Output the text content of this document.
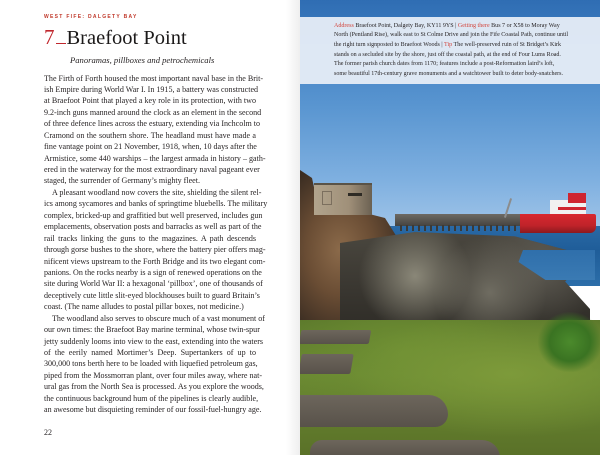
WEST FIFE: DALGETY BAY
7 Braefoot Point
Panoramas, pillboxes and petrochemicals
The Firth of Forth housed the most important naval base in the Brit-
ish Empire during World War I. In 1915, a battery was constructed
at Braefoot Point that played a key role in its protection, with two
9.2-inch guns manned around the clock as an element in the second
of three defence lines across the estuary, extending via Inchcolm to
Cramond on the southern shore. The headland must have made a
fine vantage point on 21 November, 1918, when, 10 days after the
Armistice, some 440 warships – the largest armada in history – gath-
ered in the waterway for the most extraordinary naval pageant ever
staged, the surrender of Germany’s mighty fleet.
A pleasant woodland now covers the site, shielding the silent rel-
ics among sycamores and banks of springtime bluebells. The military
complex, bricked-up and graffitied but well preserved, includes gun
emplacements, observation posts and barracks as well as part of the
rail tracks linking the guns to the magazines. A path descends
through gorse bushes to the shore, where the battery pier offers mag-
nificent views upstream to the Forth Bridge and its two elegant com-
panions. On the rocks nearby is a sign of renewed operations on the
site during World War II: a hexagonal ‘pillbox’, one of thousands of
deceptively cute little slit-eyed blockhouses built to guard Britain’s
coast. (The name alludes to postal pillar boxes, not medicine.)
The woodland also serves to obscure much of a vast monument of
our own times: the Braefoot Bay marine terminal, whose twin-spur
jetty suddenly looms into view to the east, extending into the waters
of the eerily named Mortimer’s Deep. Supertankers of up to
300,000 tons berth here to be loaded with liquefied petroleum gas,
piped from the Mossmorran plant, over four miles away, where nat-
ural gas from the North Sea is processed. As you explore the woods,
the continuous background hum of the pipelines is clearly audible,
an awesome but disquieting reminder of our fossil-fuel-hungry age.
22
Address Braefoot Point, Dalgety Bay, KY11 9YS | Getting there Bus 7 or X58 to Moray Way
North (Pentland Rise), walk east to St Colme Drive and join the Fife Coastal Path, continue until
the right turn signposted to Braefoot Woods | Tip The well-preserved ruin of St Bridget’s Kirk
stands on a secluded site by the shore, just off the coastal path, at the end of Four Lums Road.
The former parish church dates from 1170; features include a post-Reformation laird’s loft,
some beautiful 17th-century grave monuments and a watchtower built to deter body-snatchers.
